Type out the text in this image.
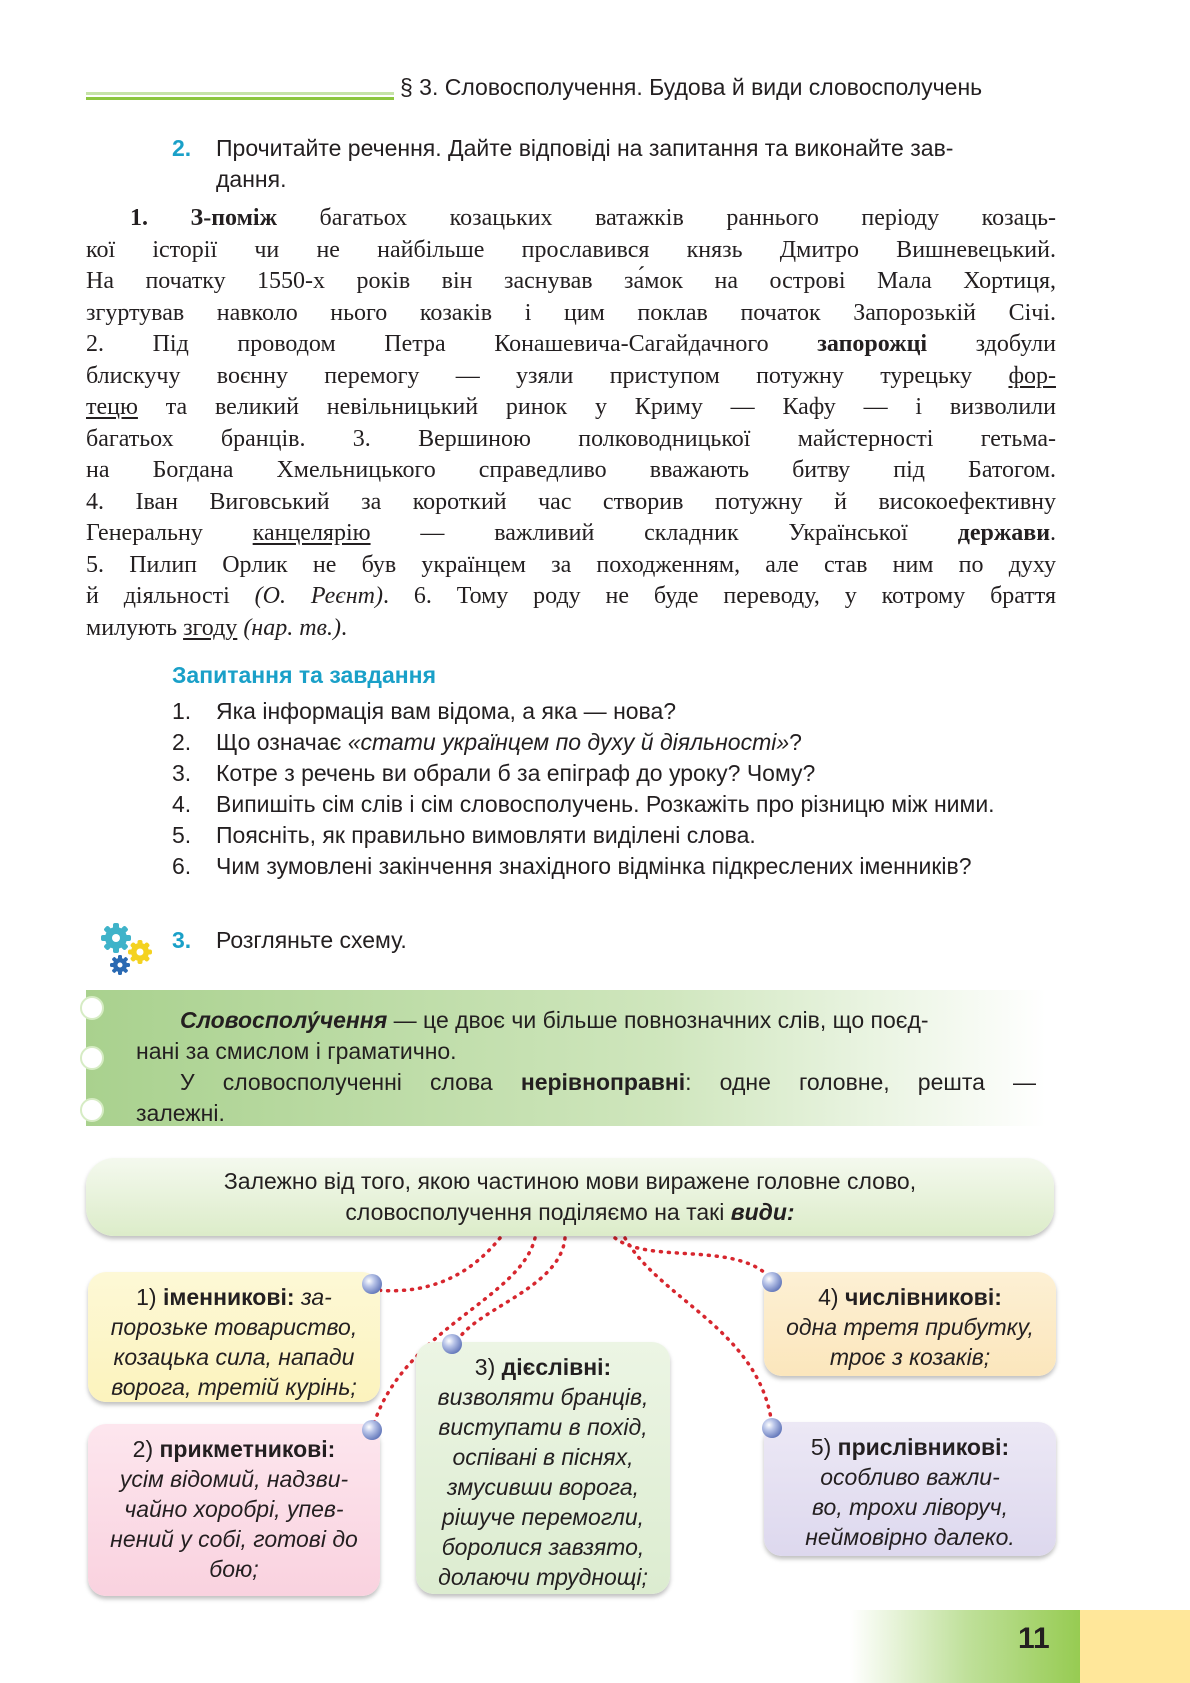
§ 3. Словосполучення. Будова й види словосполучень
2. Прочитайте речення. Дайте відповіді на запитання та виконайте зав-
дання.
1. З-поміж багатьох козацьких ватажків раннього періоду козаць-
кої історії чи не найбільше прославився князь Дмитро Вишневецький.
На початку 1550-х років він заснував за́мок на острові Мала Хортиця,
згуртував навколо нього козаків і цим поклав початок Запорозькій Січі.
2. Під проводом Петра Конашевича-Сагайдачного запорожці здобули
блискучу воєнну перемогу — узяли приступом потужну турецьку фор-
тецю та великий невільницький ринок у Криму — Кафу — і визволили
багатьох бранців. 3. Вершиною полководницької майстерності гетьма-
на Богдана Хмельницького справедливо вважають битву під Батогом.
4. Іван Виговський за короткий час створив потужну й високоефективну
Генеральну канцелярію — важливий складник Української держави.
5. Пилип Орлик не був українцем за походженням, але став ним по духу
й діяльності (О. Реєнт). 6. Тому роду не буде переводу, у котрому браття
милують згоду (нар. тв.).
Запитання та завдання
1. Яка інформація вам відома, а яка — нова?
2. Що означає «стати українцем по духу й діяльності»?
3. Котре з речень ви обрали б за епіграф до уроку? Чому?
4. Випишіть сім слів і сім словосполучень. Розкажіть про різницю між ними.
5. Поясніть, як правильно вимовляти виділені слова.
6. Чим зумовлені закінчення знахідного відмінка підкреслених іменників?
3. Розгляньте схему.
Словосполу́чення — це двоє чи більше повнозначних слів, що поєд-
нані за смислом і граматично.
У словосполученні слова нерівноправні: одне головне, решта —
залежні.
Залежно від того, якою частиною мови виражене головне слово,
словосполучення поділяємо на такі види:
1) іменникові: за-
порозьке товариство,
козацька сила, напади
ворога, третій курінь;
2) прикметникові:
усім відомий, надзви-
чайно хоробрі, упев-
нений у собі, готові до
бою;
3) дієслівні:
визволяти бранців,
виступати в похід,
оспівані в піснях,
змусивши ворога,
рішуче перемогли,
боролися завзято,
долаючи труднощі;
4) числівникові:
одна третя прибутку,
троє з козаків;
5) прислівникові:
особливо важли-
во, трохи ліворуч,
неймовірно далеко.
11
